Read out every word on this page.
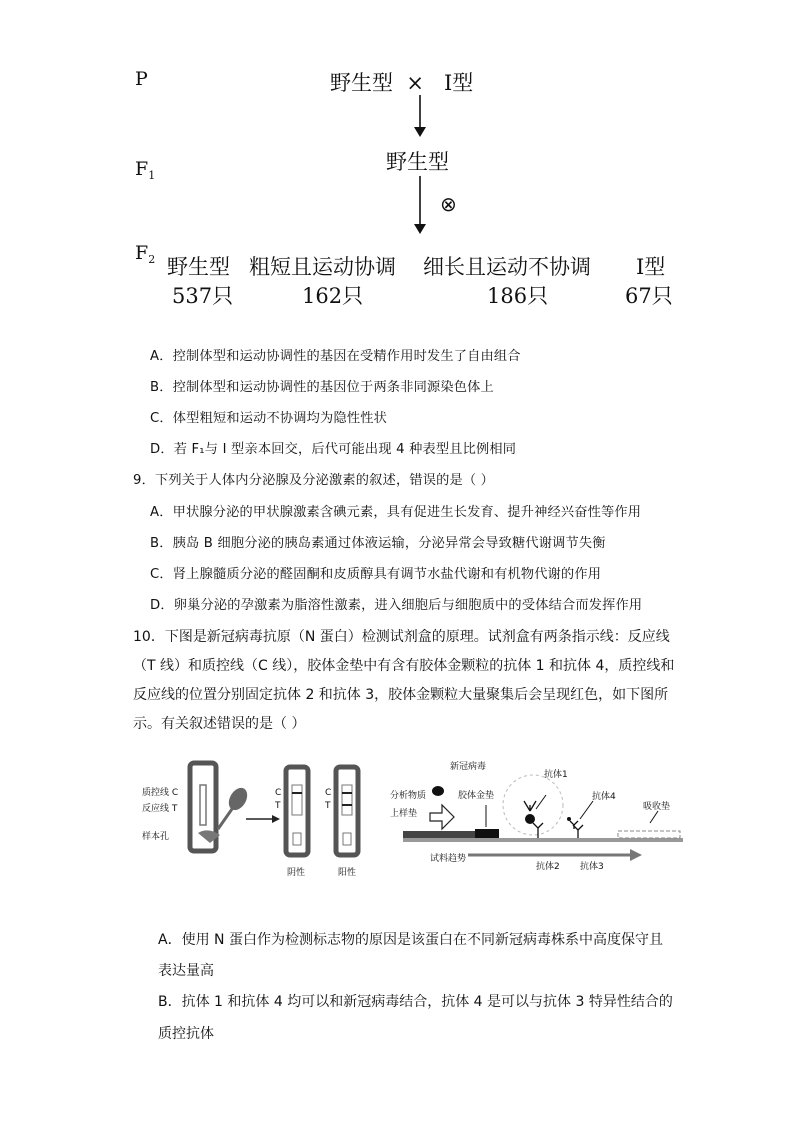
P
$F_1$
$F_2$
野生型  ×   I型
野生型
⊗
野生型 粗短且运动协调 细长且运动不协调 I型
537只	162只	186只	67只
A．控制体型和运动协调性的基因在受精作用时发生了自由组合
B．控制体型和运动协调性的基因位于两条非同源染色体上
C．体型粗短和运动不协调均为隐性性状
D．若 F₁与 I 型亲本回交，后代可能出现 4 种表型且比例相同
9．下列关于人体内分泌腺及分泌激素的叙述，错误的是（ ）
A．甲状腺分泌的甲状腺激素含碘元素，具有促进生长发育、提升神经兴奋性等作用
B．胰岛 B 细胞分泌的胰岛素通过体液运输，分泌异常会导致糖代谢调节失衡
C．肾上腺髓质分泌的醛固酮和皮质醇具有调节水盐代谢和有机物代谢的作用
D．卵巢分泌的孕激素为脂溶性激素，进入细胞后与细胞质中的受体结合而发挥作用
10．下图是新冠病毒抗原（N 蛋白）检测试剂盒的原理。试剂盒有两条指示线：反应线
（T 线）和质控线（C 线），胶体金垫中有含有胶体金颗粒的抗体 1 和抗体 4，质控线和
反应线的位置分别固定抗体 2 和抗体 3，胶体金颗粒大量聚集后会呈现红色，如下图所
示。有关叙述错误的是（ ）
质控线 C
反应线 T
样本孔
C
T
C
T
阴性	阳性
新冠病毒
分析物质	胶体金垫
上样垫
抗体1
抗体4
吸收垫
试料趋势
抗体2 抗体3
A．使用 N 蛋白作为检测标志物的原因是该蛋白在不同新冠病毒株系中高度保守且
表达量高
B．抗体 1 和抗体 4 均可以和新冠病毒结合，抗体 4 是可以与抗体 3 特异性结合的
质控抗体
